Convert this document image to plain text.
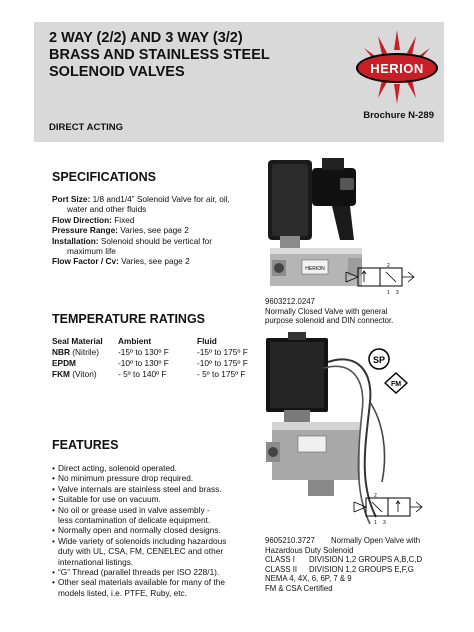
2 WAY (2/2) AND 3 WAY (3/2)
BRASS AND STAINLESS STEEL
SOLENOID VALVES	HERION
Brochure N-289
DIRECT ACTING
SPECIFICATIONS
Port Size: 1/8 and1/4” Solenoid Valve for air, oil,
water and other fluids
Flow Direction: Fixed
Pressure Range: Varies, see page 2
Installation: Solenoid should be vertical for
maximum life
Flow Factor / Cv: Varies, see page 2
TEMPERATURE RATINGS
Seal Material	Ambient	Fluid
NBR (Nitrile)	-15º to 130º F	-15º to 175º F
EPDM	-10º to 130º F	-10º to 175º F
FKM (Viton)	- 5º to 140º F	- 5º to 175º F
FEATURES
• Direct acting, solenoid operated.
• No minimum pressure drop required.
• Valve internals are stainless steel and brass.
• Suitable for use on vacuum.
• No oil or grease used in valve assembly -
less contamination of delicate equipment.
• Normally open and normally closed designs.
• Wide variety of solenoids including hazardous
duty with UL, CSA, FM, CENELEC and other
international listings.
• “G” Thread (parallel threads per ISO 228/1).
• Other seal materials available for many of the
models listed, i.e. PTFE, Ruby, etc.
HERION	2
1 3
9603212.0247
Normally Closed Valve with general
purpose solenoid and DIN connector.
SP
FM
2
1 3
9605210.3727 Normally Open Valve with
Hazardous Duty Solenoid
CLASS I DIVISION 1,2 GROUPS A,B,C,D
CLASS II DIVISION 1,2 GROUPS E,F,G
NEMA 4, 4X, 6, 6P, 7 & 9
FM & CSA Certified
